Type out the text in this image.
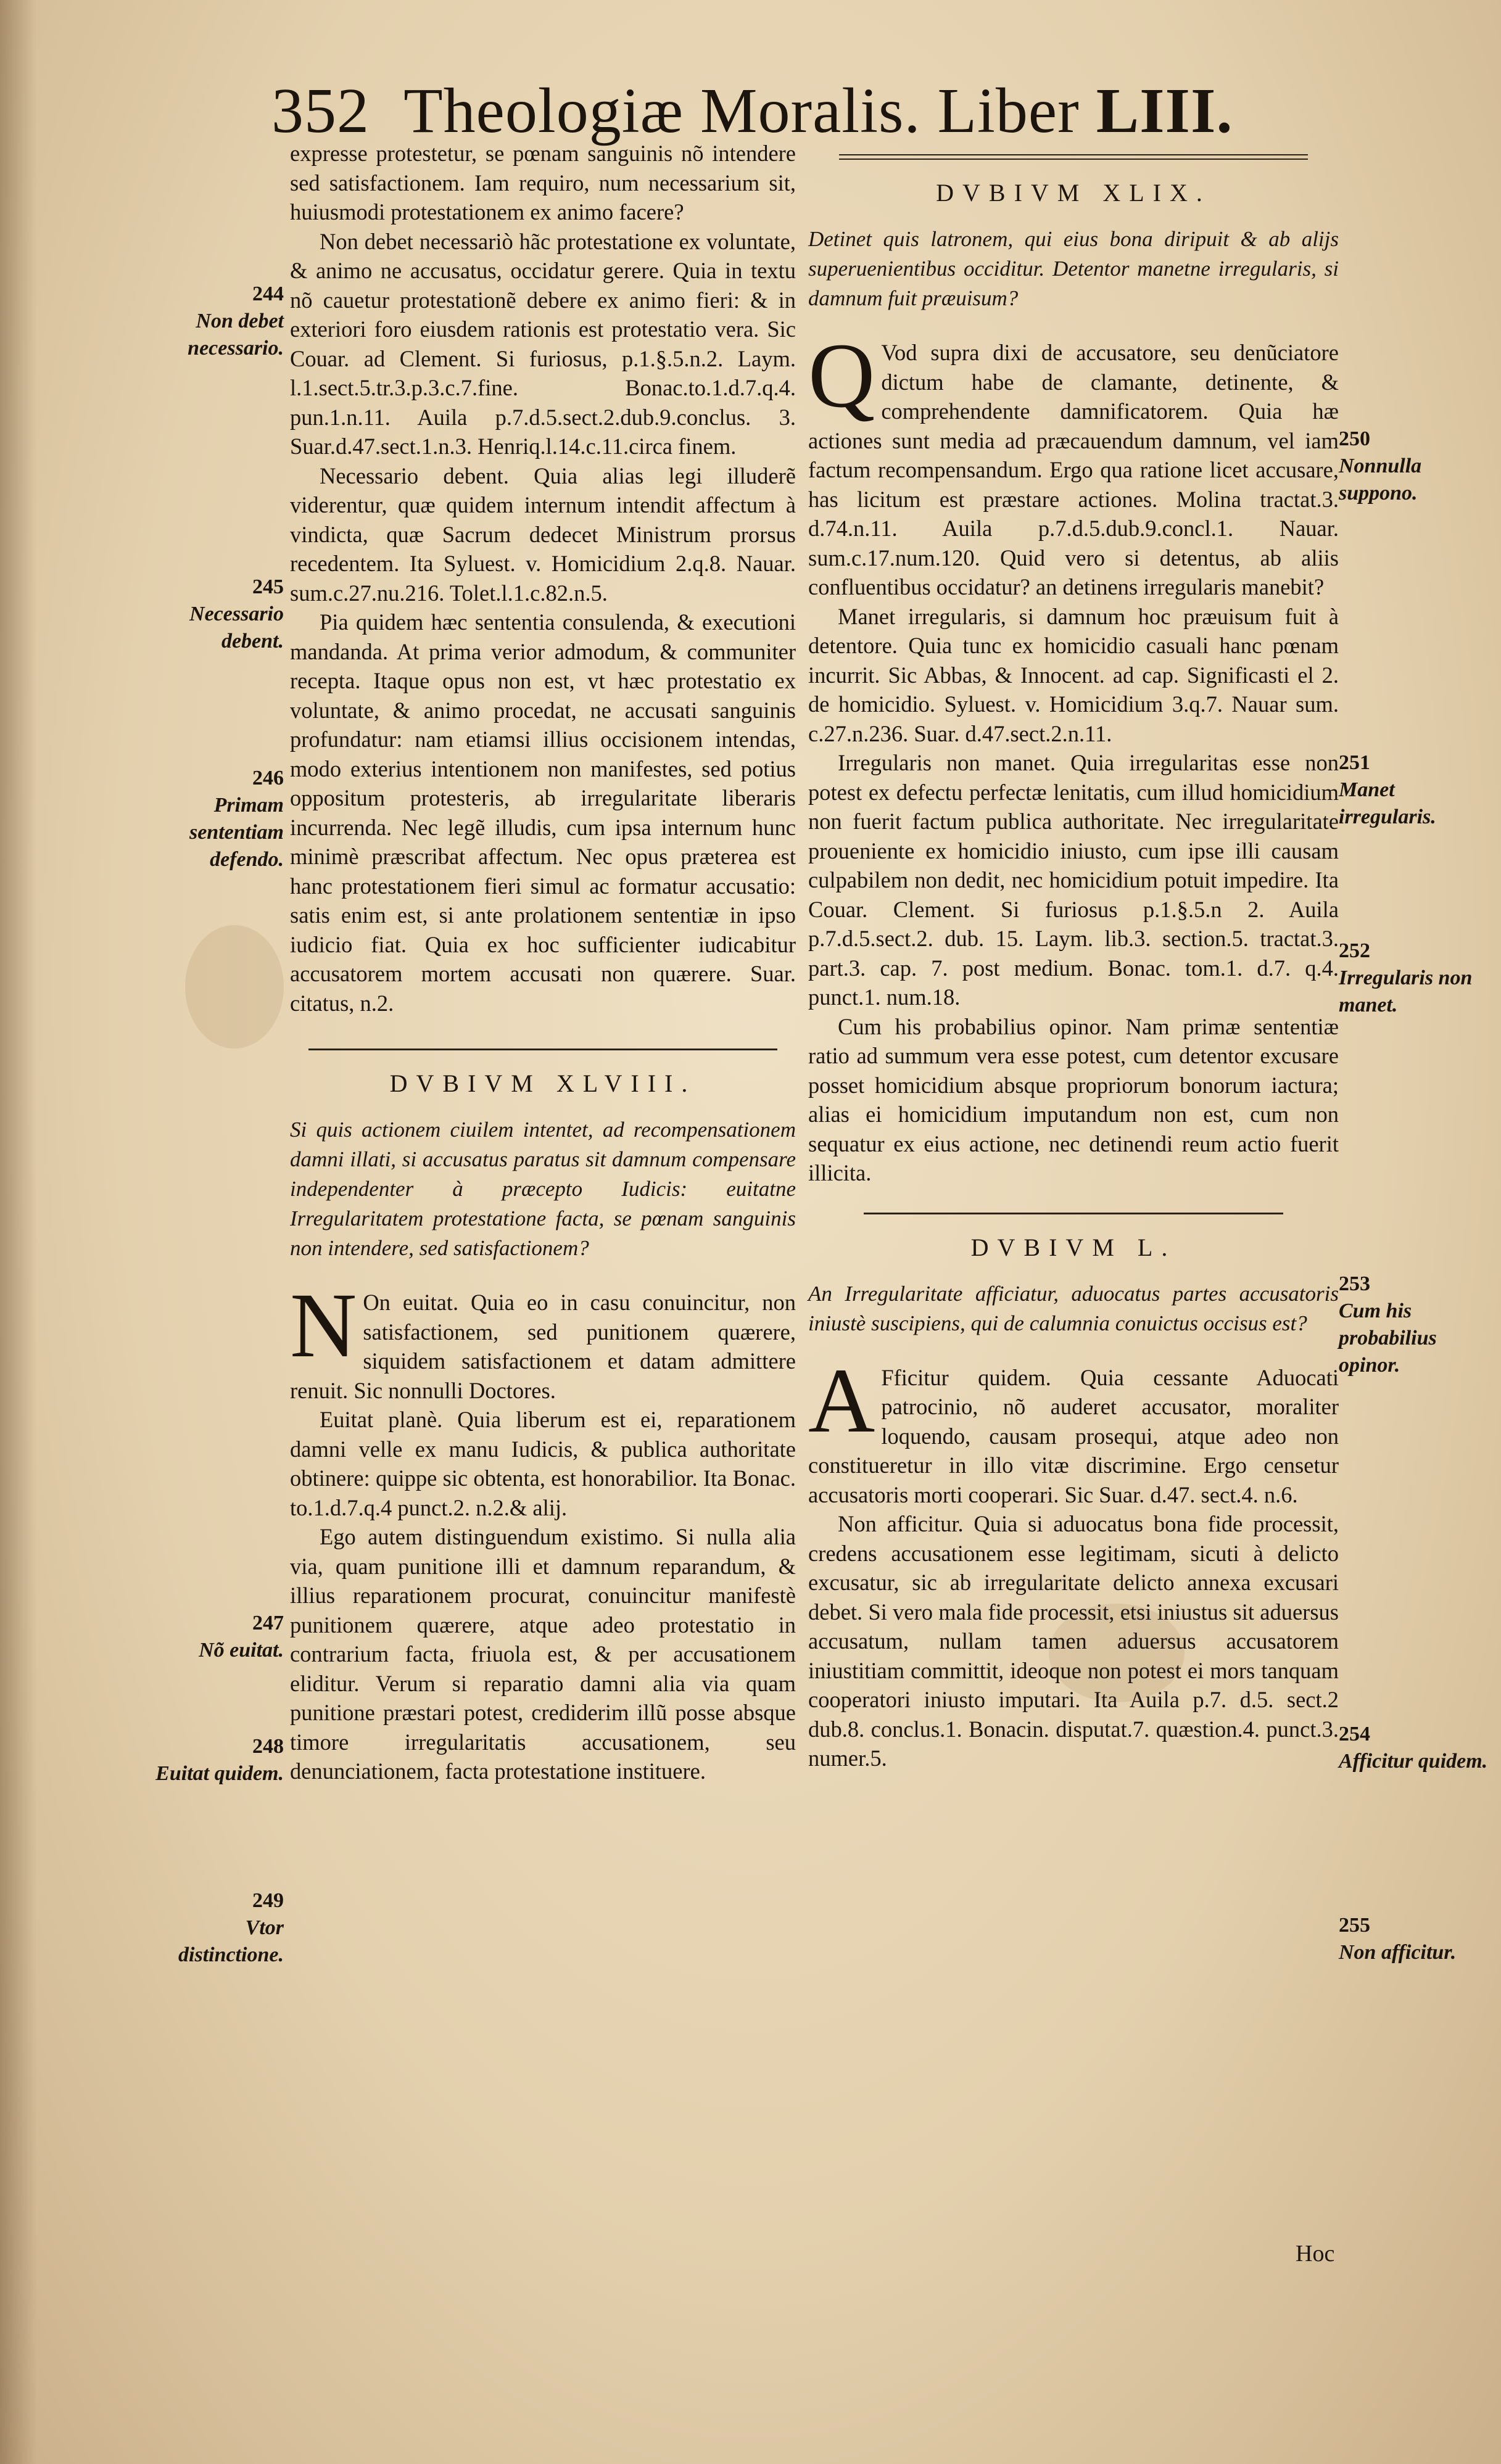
352 Theologiæ Moralis. Liber LIII.

expresse protestetur, se pœnam sanguinis nõ intendere sed satisfactionem. Iam requiro, num necessarium sit, huiusmodi protestationem ex animo facere?

Non debet necessariò hãc protestatione ex voluntate, & animo ne accusatus, occidatur gerere. Quia in textu nõ cauetur protestationẽ debere ex animo fieri: & in exteriori foro eiusdem rationis est protestatio vera. Sic Couar. ad Clement. Si furiosus, p.1.§.5.n.2. Laym. l.1.sect.5.tr.3.p.3.c.7.fine. Bonac.to.1.d.7.q.4. pun.1.n.11. Auila p.7.d.5.sect.2.dub.9.conclus. 3. Suar.d.47.sect.1.n.3. Henriq.l.14.c.11.circa finem.

Necessario debent. Quia alias legi illuderẽ viderentur, quæ quidem internum intendit affectum à vindicta, quæ Sacrum dedecet Ministrum prorsus recedentem. Ita Syluest. v. Homicidium 2.q.8. Nauar. sum.c.27.nu.216. Tolet.l.1.c.82.n.5.

Pia quidem hæc sententia consulenda, & executioni mandanda. At prima verior admodum, & communiter recepta. Itaque opus non est, vt hæc protestatio ex voluntate, & animo procedat, ne accusati sanguinis profundatur: nam etiamsi illius occisionem intendas, modo exterius intentionem non manifestes, sed potius oppositum protesteris, ab irregularitate liberaris incurrenda. Nec legẽ illudis, cum ipsa internum hunc minimè præscribat affectum. Nec opus præterea est hanc protestationem fieri simul ac formatur accusatio: satis enim est, si ante prolationem sententiæ in ipso iudicio fiat. Quia ex hoc sufficienter iudicabitur accusatorem mortem accusati non quærere. Suar. citatus, n.2.

DVBIVM XLVIII.

Si quis actionem ciuilem intentet, ad recompensationem damni illati, si accusatus paratus sit damnum compensare independenter à præcepto Iudicis: euitatne Irregularitatem protestatione facta, se pœnam sanguinis non intendere, sed satisfactionem?

N On euitat. Quia eo in casu conuincitur, non satisfactionem, sed punitionem quærere, siquidem satisfactionem et datam admittere renuit. Sic nonnulli Doctores.

Euitat planè. Quia liberum est ei, reparationem damni velle ex manu Iudicis, & publica authoritate obtinere: quippe sic obtenta, est honorabilior. Ita Bonac. to.1.d.7.q.4 punct.2. n.2.& alij.

Ego autem distinguendum existimo. Si nulla alia via, quam punitione illi et damnum reparandum, & illius reparationem procurat, conuincitur manifestè punitionem quærere, atque adeo protestatio in contrarium facta, friuola est, & per accusationem eliditur. Verum si reparatio damni alia via quam punitione præstari potest, crediderim illũ posse absque timore irregularitatis accusationem, seu denunciationem, facta protestatione instituere.

DVBIVM XLIX.

Detinet quis latronem, qui eius bona diripuit & ab alijs superuenientibus occiditur. Detentor manetne irregularis, si damnum fuit præuisum?

Q Vod supra dixi de accusatore, seu denũciatore dictum habe de clamante, detinente, & comprehendente damnificatorem. Quia hæ actiones sunt media ad præcauendum damnum, vel iam factum recompensandum. Ergo qua ratione licet accusare, has licitum est præstare actiones. Molina tractat.3. d.74.n.11. Auila p.7.d.5.dub.9.concl.1. Nauar. sum.c.17.num.120. Quid vero si detentus, ab aliis confluentibus occidatur? an detinens irregularis manebit?

Manet irregularis, si damnum hoc præuisum fuit à detentore. Quia tunc ex homicidio casuali hanc pœnam incurrit. Sic Abbas, & Innocent. ad cap. Significasti el 2. de homicidio. Syluest. v. Homicidium 3.q.7. Nauar sum. c.27.n.236. Suar. d.47.sect.2.n.11.

Irregularis non manet. Quia irregularitas esse non potest ex defectu perfectæ lenitatis, cum illud homicidium non fuerit factum publica authoritate. Nec irregularitate proueniente ex homicidio iniusto, cum ipse illi causam culpabilem non dedit, nec homicidium potuit impedire. Ita Couar. Clement. Si furiosus p.1.§.5.n 2. Auila p.7.d.5.sect.2. dub. 15. Laym. lib.3. section.5. tractat.3. part.3. cap. 7. post medium. Bonac. tom.1. d.7. q.4. punct.1. num.18.

Cum his probabilius opinor. Nam primæ sententiæ ratio ad summum vera esse potest, cum detentor excusare posset homicidium absque propriorum bonorum iactura; alias ei homicidium imputandum non est, cum non sequatur ex eius actione, nec detinendi reum actio fuerit illicita.

DVBIVM L.

An Irregularitate afficiatur, aduocatus partes accusatoris iniustè suscipiens, qui de calumnia conuictus occisus est?

A Fficitur quidem. Quia cessante Aduocati patrocinio, nõ auderet accusator, moraliter loquendo, causam prosequi, atque adeo non constitueretur in illo vitæ discrimine. Ergo censetur accusatoris morti cooperari. Sic Suar. d.47. sect.4. n.6.

Non afficitur. Quia si aduocatus bona fide processit, credens accusationem esse legitimam, sicuti à delicto excusatur, sic ab irregularitate delicto annexa excusari debet. Si vero mala fide processit, etsi iniustus sit aduersus accusatum, nullam tamen aduersus accusatorem iniustitiam committit, ideoque non potest ei mors tanquam cooperatori iniusto imputari. Ita Auila p.7. d.5. sect.2 dub.8. conclus.1. Bonacin. disputat.7. quæstion.4. punct.3. numer.5.

Hoc
244
Non debet necessario.
245
Necessario debent.
246
Primam sententiam defendo.
247
Nõ euitat.
248
Euitat quidem.
249
Vtor distinctione.
250
Nonnulla suppono.
251
Manet irregularis.
252
Irregularis non manet.
253
Cum his probabilius opinor.
254
Afficitur quidem.
255
Non afficitur.
